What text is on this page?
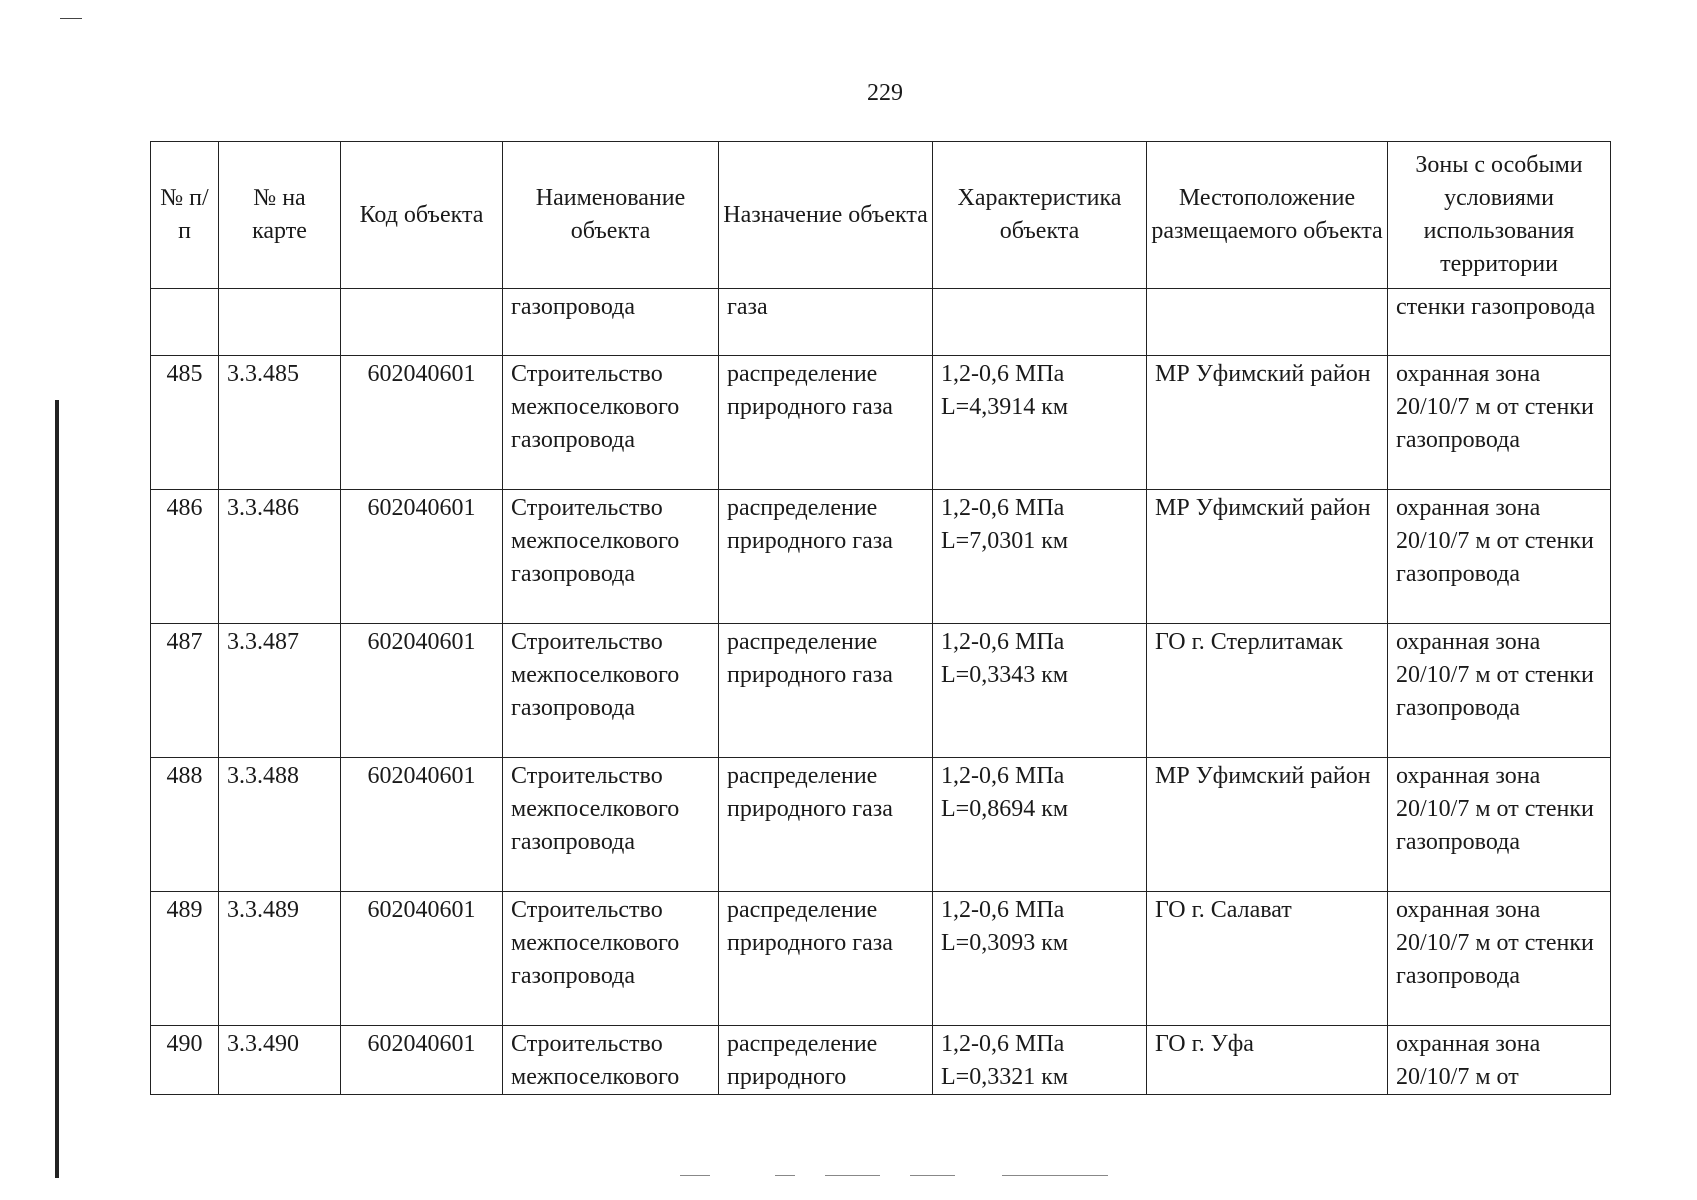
229
№ п/п	№ на карте	Код объекта	Наименование объекта	Назначение объекта	Характеристика объекта	Местоположение размещаемого объекта	Зоны с особыми условиями использования территории
			газопровода	газа			стенки газопровода
485	3.3.485	602040601	Строительство межпоселкового газопровода	распределение природного газа	1,2-0,6 МПа L=4,3914 км	МР Уфимский район	охранная зона 20/10/7 м от стенки газопровода
486	3.3.486	602040601	Строительство межпоселкового газопровода	распределение природного газа	1,2-0,6 МПа L=7,0301 км	МР Уфимский район	охранная зона 20/10/7 м от стенки газопровода
487	3.3.487	602040601	Строительство межпоселкового газопровода	распределение природного газа	1,2-0,6 МПа L=0,3343 км	ГО г. Стерлитамак	охранная зона 20/10/7 м от стенки газопровода
488	3.3.488	602040601	Строительство межпоселкового газопровода	распределение природного газа	1,2-0,6 МПа L=0,8694 км	МР Уфимский район	охранная зона 20/10/7 м от стенки газопровода
489	3.3.489	602040601	Строительство межпоселкового газопровода	распределение природного газа	1,2-0,6 МПа L=0,3093 км	ГО г. Салават	охранная зона 20/10/7 м от стенки газопровода
490	3.3.490	602040601	Строительство межпоселкового	распределение природного	1,2-0,6 МПа L=0,3321 км	ГО г. Уфа	охранная зона 20/10/7 м от
